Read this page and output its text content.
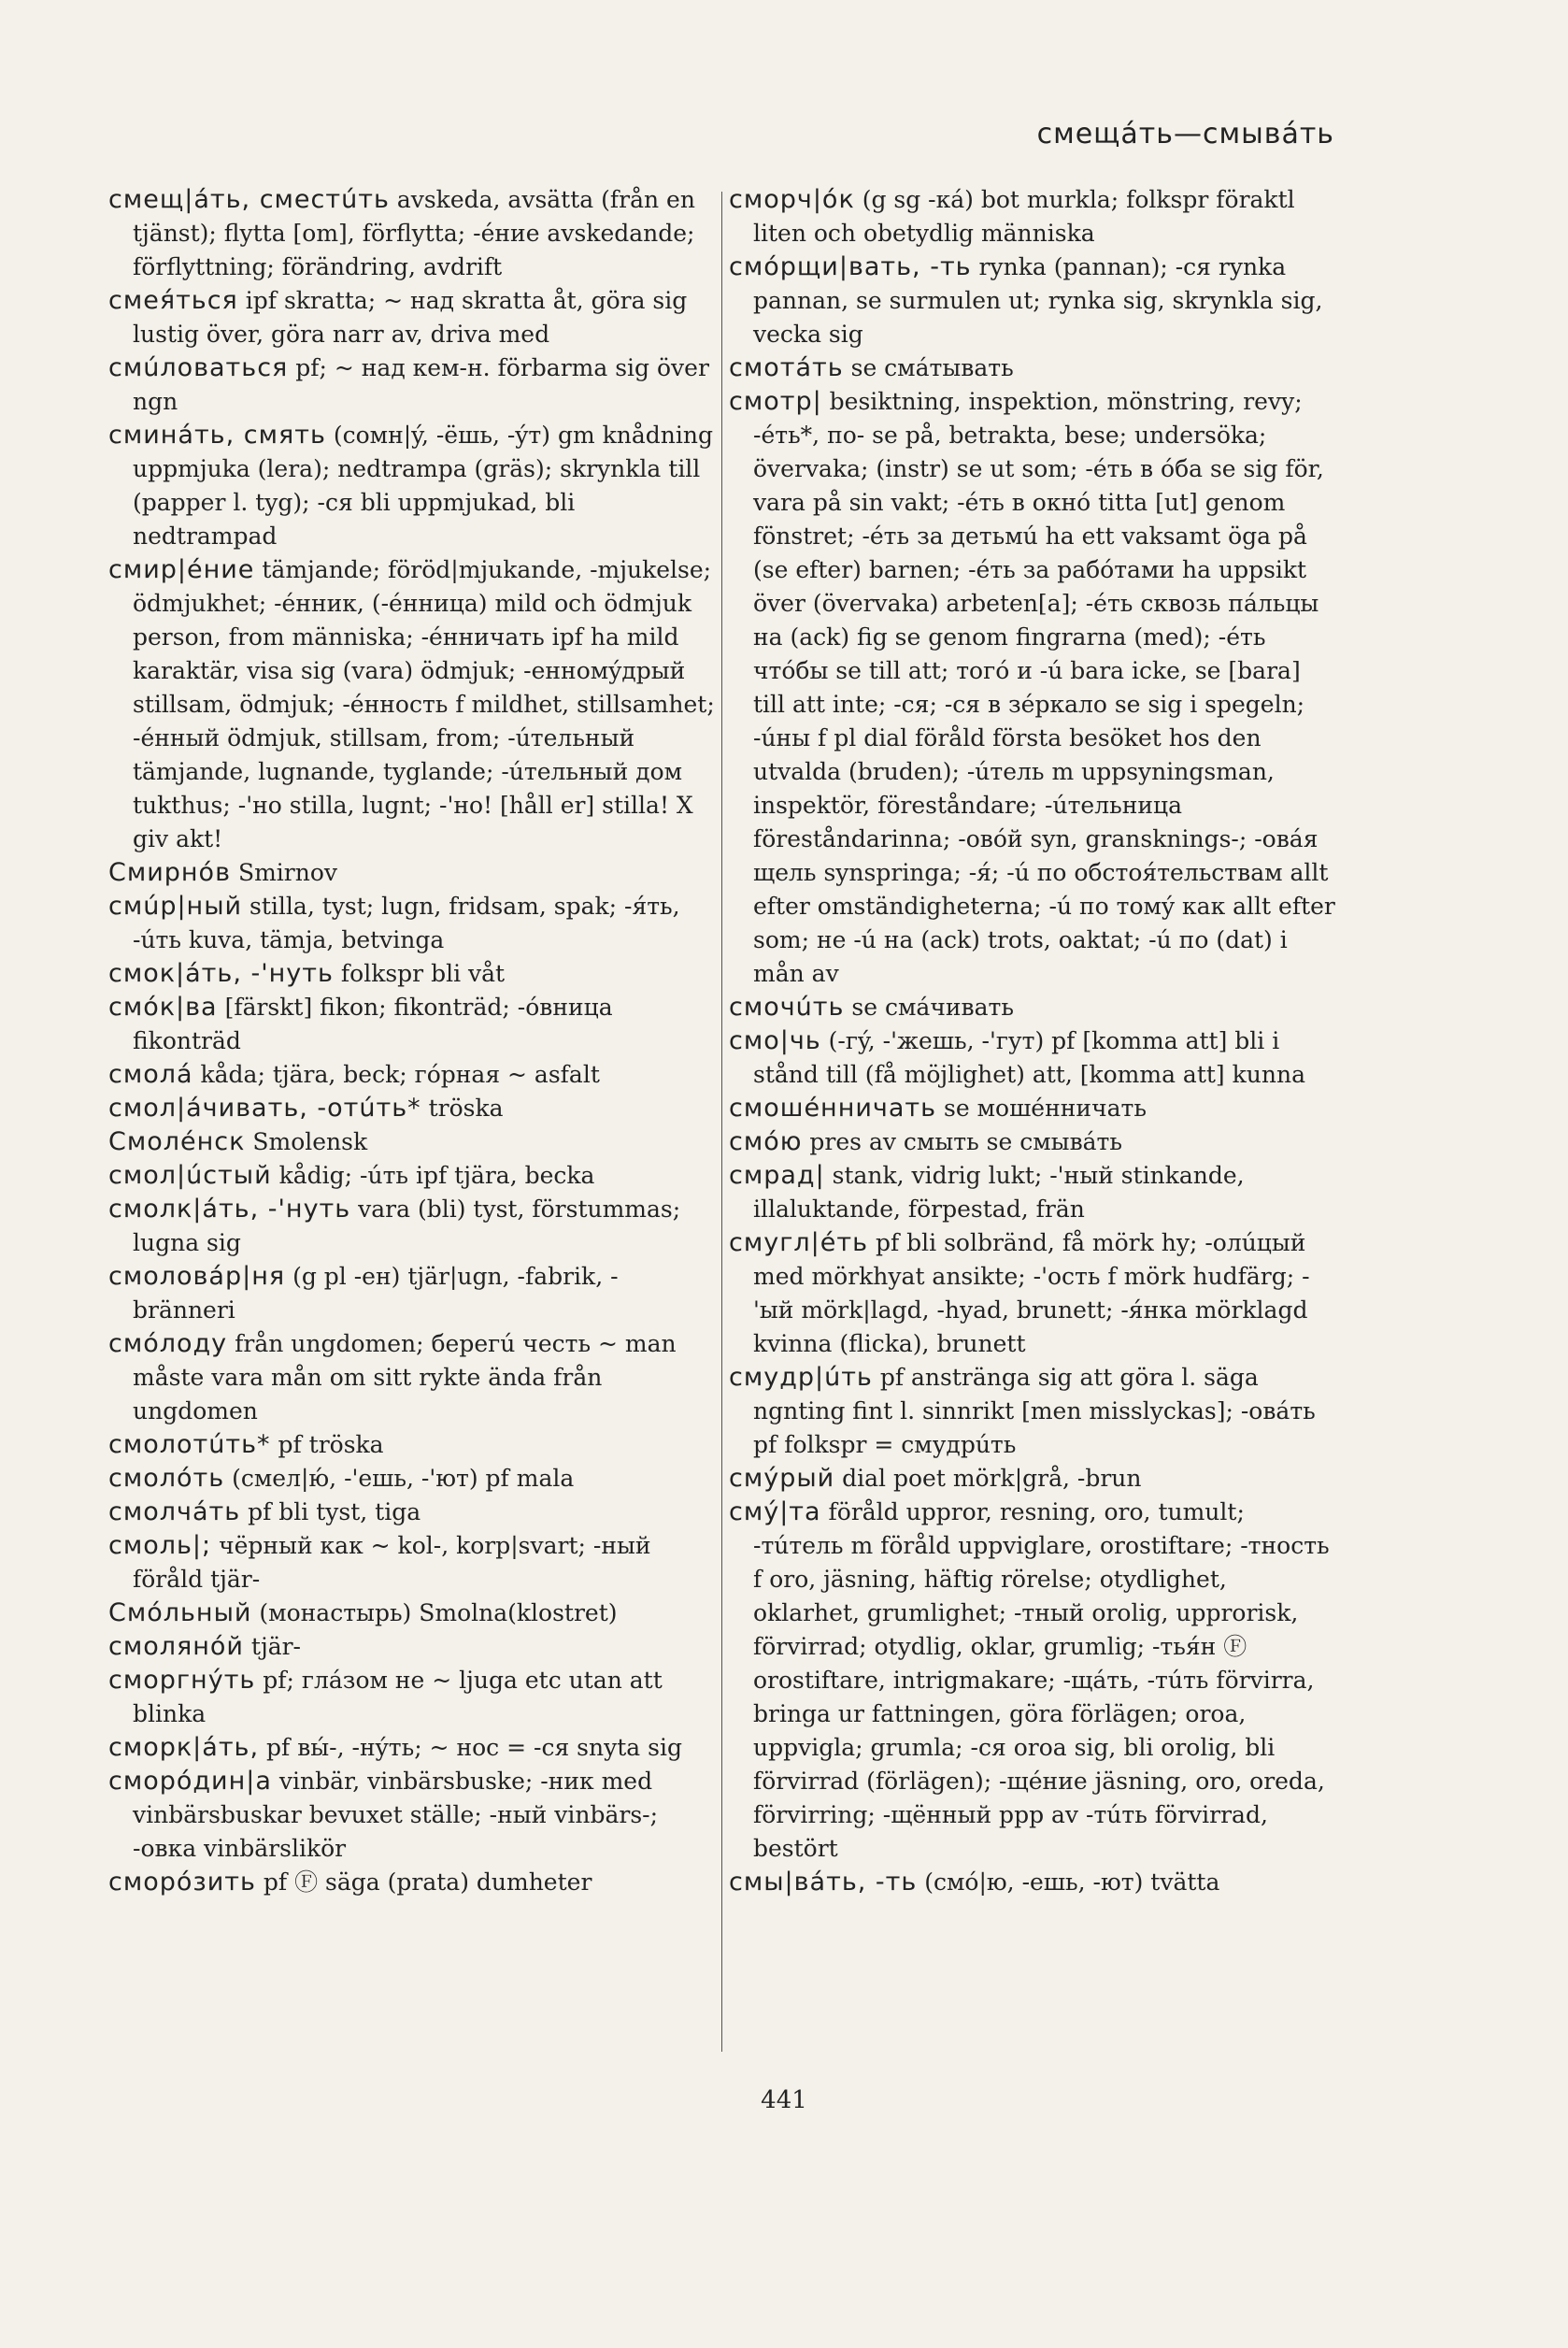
смещáть—смывáть

смещ|áть, сместúть avskeda, avsätta (från en tjänst); flytta [om], förflytta; -éние avskedande; förflyttning; förändring, avdrift

смея́ться ipf skratta; ~ над skratta åt, göra sig lustig över, göra narr av, driva med

смúловаться pf; ~ над кем-н. förbarma sig över ngn

сминáть, смять (сомн|ý, -ёшь, -ýт) gm knådning uppmjuka (lera); nedtrampa (gräs); skrynkla till (papper l. tyg); -ся bli uppmjukad, bli nedtrampad

смир|éние tämjande; föröd|mjukande, -mjukelse; ödmjukhet; -éнник, (-éнница) mild och ödmjuk person, from människa; -éнничать ipf ha mild karaktär, visa sig (vara) ödmjuk; -енномýдрый stillsam, ödmjuk; -éнность f mildhet, stillsamhet; -éнный ödmjuk, stillsam, from; -úтельный tämjande, lugnande, tyglande; -úтельный дом tukthus; -'но stilla, lugnt; -'но! [håll er] stilla! X giv akt!

Смирнóв Smirnov

смúр|ный stilla, tyst; lugn, fridsam, spak; -я́ть, -úть kuva, tämja, betvinga

смок|áть, -'нуть folkspr bli våt

смóк|ва [färskt] fikon; fikonträd; -óвница fikonträd

смолá kåda; tjära, beck; гóрная ~ asfalt

смол|áчивать, -отúть* tröska

Смолéнск Smolensk

смол|úстый kådig; -úть ipf tjära, becka

смолк|áть, -'нуть vara (bli) tyst, förstummas; lugna sig

смоловáр|ня (g pl -ен) tjär|ugn, -fabrik, -bränneri

смóлоду från ungdomen; берегú честь ~ man måste vara mån om sitt rykte ända från ungdomen

смолотúть* pf tröska

смолóть (смел|ю́, -'ешь, -'ют) pf mala

смолчáть pf bli tyst, tiga

смоль|; чёрный как ~ kol-, korp|svart; -ный föråld tjär-

Смóльный (монастырь) Smolna(klostret)

смолянóй tjär-

сморгнýть pf; глáзом не ~ ljuga etc utan att blinka

сморк|áть, pf вы́-, -нýть; ~ нос = -ся snyta sig

сморóдин|а vinbär, vinbärsbuske; -ник med vinbärsbuskar bevuxet ställe; -ный vinbärs-; -овка vinbärslikör

сморóзить pf Ⓕ säga (prata) dumheter

сморч|óк (g sg -кá) bot murkla; folkspr föraktl liten och obetydlig människa

смóрщи|вать, -ть rynka (pannan); -ся rynka pannan, se surmulen ut; rynka sig, skrynkla sig, vecka sig

смотáть se смáтывать

смотр| besiktning, inspektion, mönstring, revy; -éть*, по- se på, betrakta, bese; undersöka; övervaka; (instr) se ut som; -éть в óба se sig för, vara på sin vakt; -éть в окнó titta [ut] genom fönstret; -éть за детьмú ha ett vaksamt öga på (se efter) barnen; -éть за рабóтами ha uppsikt över (övervaka) arbeten[a]; -éть сквозь пáльцы на (ack) fig se genom fingrarna (med); -éть чтóбы se till att; тогó и -ú bara icke, se [bara] till att inte; -ся; -ся в зéркало se sig i spegeln; -úны f pl dial föråld första besöket hos den utvalda (bruden); -úтель m uppsyningsman, inspektör, föreståndare; -úтельница föreståndarinna; -овóй syn, gransknings-; -овáя щель synspringa; -я́; -ú по обстоя́тельствам allt efter omständigheterna; -ú по томý как allt efter som; не -ú на (ack) trots, oaktat; -ú по (dat) i mån av

смочúть se смáчивать

смо|чь (-гý, -'жешь, -'гут) pf [komma att] bli i stånd till (få möjlighet) att, [komma att] kunna

смошéнничать se мошéнничать

смóю pres av смыть se смывáть

смрад| stank, vidrig lukt; -'ный stinkande, illaluktande, förpestad, frän

смугл|éть pf bli solbränd, få mörk hy; -олúцый med mörkhyat ansikte; -'ость f mörk hudfärg; -'ый mörk|lagd, -hyad, brunett; -я́нка mörklagd kvinna (flicka), brunett

смудр|úть pf anstränga sig att göra l. säga ngnting fint l. sinnrikt [men misslyckas]; -овáть pf folkspr = смудрúть

смýрый dial poet mörk|grå, -brun

смý|та föråld uppror, resning, oro, tumult; -тúтель m föråld uppviglare, orostiftare; -тность f oro, jäsning, häftig rörelse; otydlighet, oklarhet, grumlighet; -тный orolig, upprorisk, förvirrad; otydlig, oklar, grumlig; -тья́н Ⓕ orostiftare, intrigmakare; -щáть, -тúть förvirra, bringa ur fattningen, göra förlägen; oroa, uppvigla; grumla; -ся oroa sig, bli orolig, bli förvirrad (förlägen); -щéние jäsning, oro, oreda, förvirring; -щённый ppp av -тúть förvirrad, bestört

смы|вáть, -ть (смó|ю, -ешь, -ют) tvätta

441
